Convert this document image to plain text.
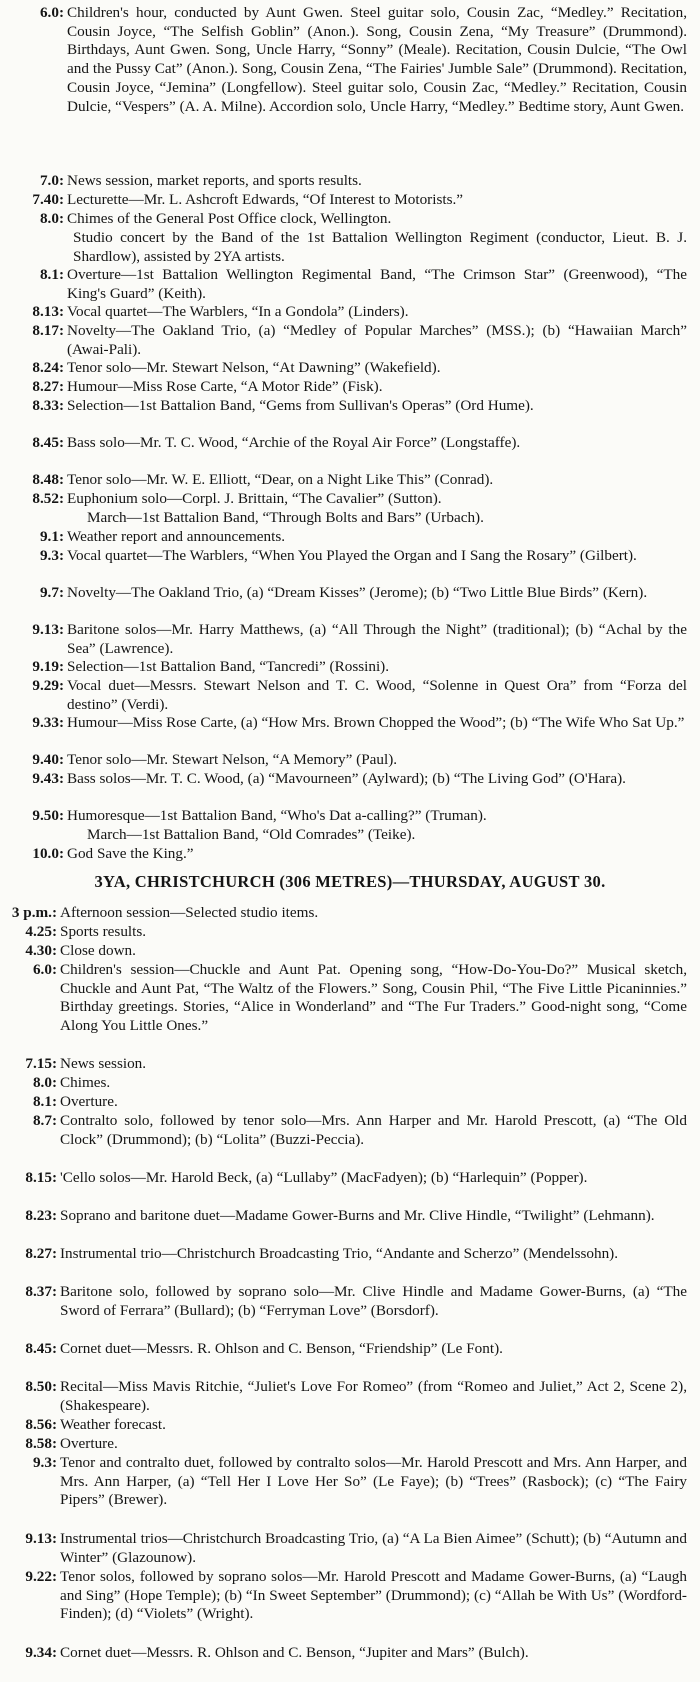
6.0: Children's hour, conducted by Aunt Gwen. Steel guitar solo, Cousin Zac, “Medley.” Recitation, Cousin Joyce, “The Selfish Goblin” (Anon.). Song, Cousin Zena, “My Treasure” (Drummond). Birthdays, Aunt Gwen. Song, Uncle Harry, “Sonny” (Meale). Recitation, Cousin Dulcie, “The Owl and the Pussy Cat” (Anon.). Song, Cousin Zena, “The Fairies' Jumble Sale” (Drummond). Recitation, Cousin Joyce, “Jemina” (Longfellow). Steel guitar solo, Cousin Zac, “Medley.” Recitation, Cousin Dulcie, “Vespers” (A. A. Milne). Accordion solo, Uncle Harry, “Medley.” Bedtime story, Aunt Gwen.
7.0: News session, market reports, and sports results.
7.40: Lecturette—Mr. L. Ashcroft Edwards, “Of Interest to Motorists.”
8.0: Chimes of the General Post Office clock, Wellington.
Studio concert by the Band of the 1st Battalion Wellington Regiment (conductor, Lieut. B. J. Shardlow), assisted by 2YA artists.
8.1: Overture—1st Battalion Wellington Regimental Band, “The Crimson Star” (Greenwood), “The King's Guard” (Keith).
8.13: Vocal quartet—The Warblers, “In a Gondola” (Linders).
8.17: Novelty—The Oakland Trio, (a) “Medley of Popular Marches” (MSS.); (b) “Hawaiian March” (Awai-Pali).
8.24: Tenor solo—Mr. Stewart Nelson, “At Dawning” (Wakefield).
8.27: Humour—Miss Rose Carte, “A Motor Ride” (Fisk).
8.33: Selection—1st Battalion Band, “Gems from Sullivan's Operas” (Ord Hume).
8.45: Bass solo—Mr. T. C. Wood, “Archie of the Royal Air Force” (Longstaffe).
8.48: Tenor solo—Mr. W. E. Elliott, “Dear, on a Night Like This” (Conrad).
8.52: Euphonium solo—Corpl. J. Brittain, “The Cavalier” (Sutton).
March—1st Battalion Band, “Through Bolts and Bars” (Urbach).
9.1: Weather report and announcements.
9.3: Vocal quartet—The Warblers, “When You Played the Organ and I Sang the Rosary” (Gilbert).
9.7: Novelty—The Oakland Trio, (a) “Dream Kisses” (Jerome); (b) “Two Little Blue Birds” (Kern).
9.13: Baritone solos—Mr. Harry Matthews, (a) “All Through the Night” (traditional); (b) “Achal by the Sea” (Lawrence).
9.19: Selection—1st Battalion Band, “Tancredi” (Rossini).
9.29: Vocal duet—Messrs. Stewart Nelson and T. C. Wood, “Solenne in Quest Ora” from “Forza del destino” (Verdi).
9.33: Humour—Miss Rose Carte, (a) “How Mrs. Brown Chopped the Wood”; (b) “The Wife Who Sat Up.”
9.40: Tenor solo—Mr. Stewart Nelson, “A Memory” (Paul).
9.43: Bass solos—Mr. T. C. Wood, (a) “Mavourneen” (Aylward); (b) “The Living God” (O'Hara).
9.50: Humoresque—1st Battalion Band, “Who's Dat a-calling?” (Truman).
March—1st Battalion Band, “Old Comrades” (Teike).
10.0: God Save the King.”
3YA, CHRISTCHURCH (306 METRES)—THURSDAY, AUGUST 30.
3 p.m.: Afternoon session—Selected studio items.
4.25: Sports results.
4.30: Close down.
6.0: Children's session—Chuckle and Aunt Pat. Opening song, “How-Do-You-Do?” Musical sketch, Chuckle and Aunt Pat, “The Waltz of the Flowers.” Song, Cousin Phil, “The Five Little Picaninnies.” Birthday greetings. Stories, “Alice in Wonderland” and “The Fur Traders.” Good-night song, “Come Along You Little Ones.”
7.15: News session.
8.0: Chimes.
8.1: Overture.
8.7: Contralto solo, followed by tenor solo—Mrs. Ann Harper and Mr. Harold Prescott, (a) “The Old Clock” (Drummond); (b) “Lolita” (Buzzi-Peccia).
8.15: 'Cello solos—Mr. Harold Beck, (a) “Lullaby” (MacFadyen); (b) “Harlequin” (Popper).
8.23: Soprano and baritone duet—Madame Gower-Burns and Mr. Clive Hindle, “Twilight” (Lehmann).
8.27: Instrumental trio—Christchurch Broadcasting Trio, “Andante and Scherzo” (Mendelssohn).
8.37: Baritone solo, followed by soprano solo—Mr. Clive Hindle and Madame Gower-Burns, (a) “The Sword of Ferrara” (Bullard); (b) “Ferryman Love” (Borsdorf).
8.45: Cornet duet—Messrs. R. Ohlson and C. Benson, “Friendship” (Le Font).
8.50: Recital—Miss Mavis Ritchie, “Juliet's Love For Romeo” (from “Romeo and Juliet,” Act 2, Scene 2), (Shakespeare).
8.56: Weather forecast.
8.58: Overture.
9.3: Tenor and contralto duet, followed by contralto solos—Mr. Harold Prescott and Mrs. Ann Harper, and Mrs. Ann Harper, (a) “Tell Her I Love Her So” (Le Faye); (b) “Trees” (Rasbock); (c) “The Fairy Pipers” (Brewer).
9.13: Instrumental trios—Christchurch Broadcasting Trio, (a) “A La Bien Aimee” (Schutt); (b) “Autumn and Winter” (Glazounow).
9.22: Tenor solos, followed by soprano solos—Mr. Harold Prescott and Madame Gower-Burns, (a) “Laugh and Sing” (Hope Temple); (b) “In Sweet September” (Drummond); (c) “Allah be With Us” (Wordford-Finden); (d) “Violets” (Wright).
9.34: Cornet duet—Messrs. R. Ohlson and C. Benson, “Jupiter and Mars” (Bulch).
